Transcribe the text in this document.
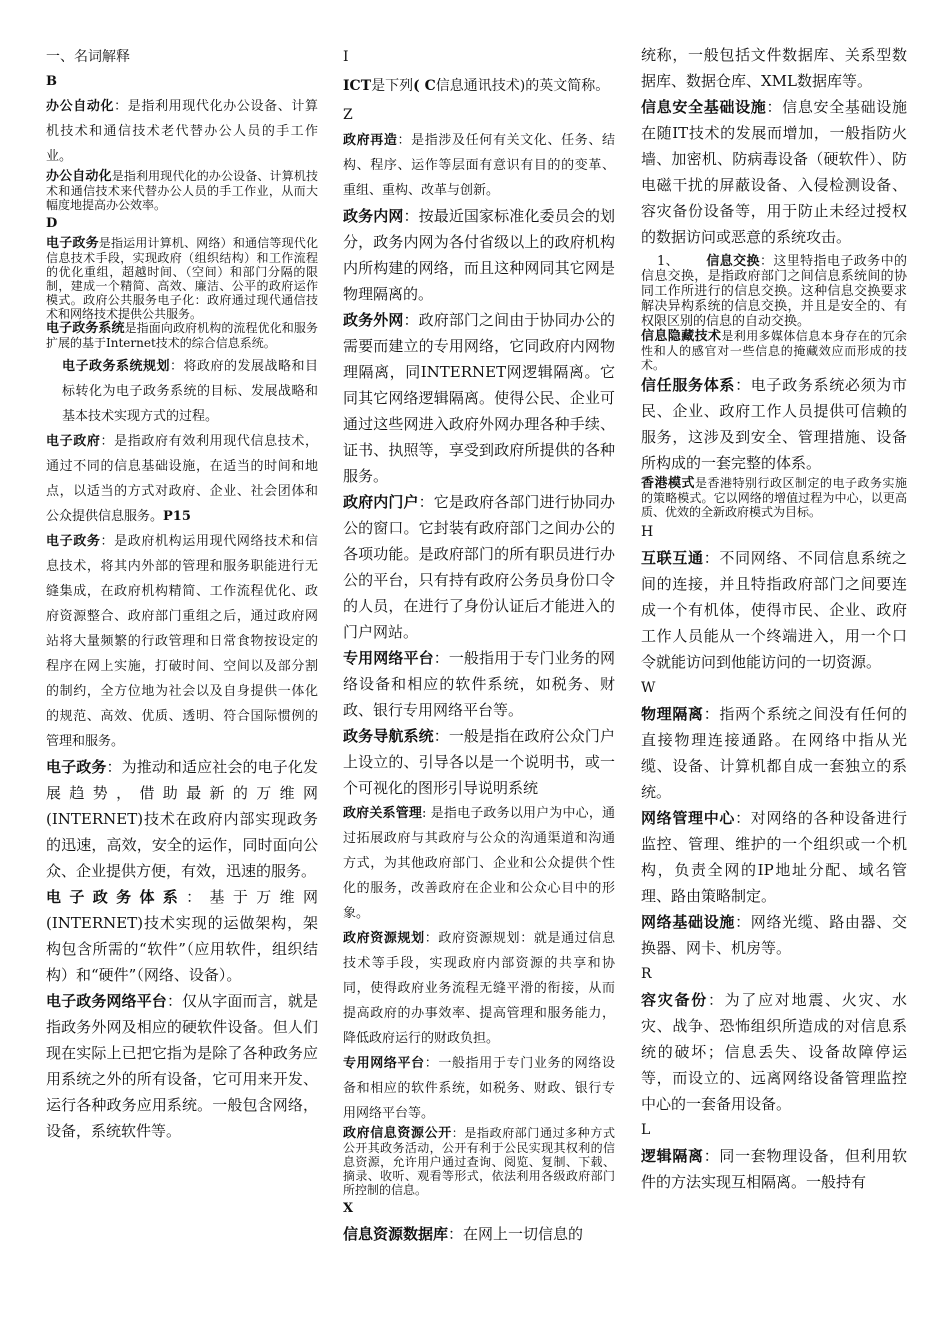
一、名词解释

B

办公自动化：是指利用现代化办公设备、计算机技术和通信技术老代替办公人员的手工作业。

办公自动化是指利用现代化的办公设备、计算机技术和通信技术来代替办公人员的手工作业，从而大幅度地提高办公效率。

D

电子政务是指运用计算机、网络）和通信等现代化信息技术手段，实现政府（组织结构）和工作流程的优化重组，超越时间、（空间）和部门分隔的限制，建成一个精简、高效、廉洁、公平的政府运作模式。政府公共服务电子化：政府通过现代通信技术和网络技术提供公共服务。

电子政务系统是指面向政府机构的流程优化和服务扩展的基于Internet技术的综合信息系统。

电子政务系统规划：将政府的发展战略和目标转化为电子政务系统的目标、发展战略和基本技术实现方式的过程。

电子政府：是指政府有效利用现代信息技术，通过不同的信息基础设施，在适当的时间和地点，以适当的方式对政府、企业、社会团体和公众提供信息服务。P15

电子政务：是政府机构运用现代网络技术和信息技术，将其内外部的管理和服务职能进行无缝集成，在政府机构精简、工作流程优化、政府资源整合、政府部门重组之后，通过政府网站将大量频繁的行政管理和日常食物按设定的程序在网上实施，打破时间、空间以及部分割的制约，全方位地为社会以及自身提供一体化的规范、高效、优质、透明、符合国际惯例的管理和服务。

电子政务：为推动和适应社会的电子化发展趋势，借助最新的万维网(INTERNET)技术在政府内部实现政务的迅速，高效，安全的运作，同时面向公众、企业提供方便，有效，迅速的服务。

电子政务体系：基于万维网(INTERNET)技术实现的运做架构，架构包含所需的“软件”（应用软件，组织结构）和“硬件”（网络、设备）。

电子政务网络平台：仅从字面而言，就是指政务外网及相应的硬软件设备。但人们现在实际上已把它指为是除了各种政务应用系统之外的所有设备，它可用来开发、运行各种政务应用系统。一般包含网络，设备，系统软件等。

I

ICT是下列( C信息通讯技术)的英文简称。

Z

政府再造：是指涉及任何有关文化、任务、结构、程序、运作等层面有意识有目的的变革、重组、重构、改革与创新。

政务内网：按最近国家标准化委员会的划分，政务内网为各付省级以上的政府机构内所构建的网络，而且这种网同其它网是物理隔离的。

政务外网：政府部门之间由于协同办公的需要而建立的专用网络，它同政府内网物理隔离，同INTERNET网逻辑隔离。它同其它网络逻辑隔离。使得公民、企业可通过这些网进入政府外网办理各种手续、证书、执照等，享受到政府所提供的各种服务。

政府内门户：它是政府各部门进行协同办公的窗口。它封装有政府部门之间办公的各项功能。是政府部门的所有职员进行办公的平台，只有持有政府公务员身份口令的人员，在进行了身份认证后才能进入的门户网站。

专用网络平台：一般指用于专门业务的网络设备和相应的软件系统，如税务、财政、银行专用网络平台等。

政务导航系统：一般是指在政府公众门户上设立的、引导各以是一个说明书，或一个可视化的图形引导说明系统

政府关系管理: 是指电子政务以用户为中心，通过拓展政府与其政府与公众的沟通渠道和沟通方式，为其他政府部门、企业和公众提供个性化的服务，改善政府在企业和公众心目中的形象。

政府资源规划：政府资源规划：就是通过信息技术等手段，实现政府内部资源的共享和协同，使得政府业务流程无缝平滑的衔接，从而提高政府的办事效率、提高管理和服务能力，降低政府运行的财政负担。

专用网络平台：一般指用于专门业务的网络设备和相应的软件系统，如税务、财政、银行专用网络平台等。

政府信息资源公开：是指政府部门通过多种方式公开其政务活动，公开有利于公民实现其权利的信息资源，允许用户通过查询、阅览、复制、下载、摘录、收听、观看等形式，依法利用各级政府部门所控制的信息。

X

信息资源数据库：在网上一切信息的

统称，一般包括文件数据库、关系型数据库、数据仓库、XML数据库等。

信息安全基础设施：信息安全基础设施在随IT技术的发展而增加，一般指防火墙、加密机、防病毒设备（硬软件）、防电磁干扰的屏蔽设备、入侵检测设备、容灾备份设备等，用于防止未经过授权的数据访问或恶意的系统攻击。

1、 信息交换：这里特指电子政务中的信息交换，是指政府部门之间信息系统间的协同工作所进行的信息交换。这种信息交换要求解决异构系统的信息交换，并且是安全的、有权限区别的信息的自动交换。

信息隐藏技术是利用多媒体信息本身存在的冗余性和人的感官对一些信息的掩藏效应而形成的技术。

信任服务体系：电子政务系统必须为市民、企业、政府工作人员提供可信赖的服务，这涉及到安全、管理措施、设备所构成的一套完整的体系。

香港模式是香港特别行政区制定的电子政务实施的策略模式。它以网络的增值过程为中心，以更高质、优效的全新政府模式为目标。

H

互联互通：不同网络、不同信息系统之间的连接，并且特指政府部门之间要连成一个有机体，使得市民、企业、政府工作人员能从一个终端进入，用一个口令就能访问到他能访问的一切资源。

W

物理隔离：指两个系统之间没有任何的直接物理连接通路。在网络中指从光缆、设备、计算机都自成一套独立的系统。

网络管理中心：对网络的各种设备进行监控、管理、维护的一个组织或一个机构，负责全网的IP地址分配、域名管理、路由策略制定。

网络基础设施：网络光缆、路由器、交换器、网卡、机房等。

R

容灾备份：为了应对地震、火灾、水灾、战争、恐怖组织所造成的对信息系统的破坏；信息丢失、设备故障停运等，而设立的、远离网络设备管理监控中心的一套备用设备。

L

逻辑隔离：同一套物理设备，但利用软件的方法实现互相隔离。一般持有
